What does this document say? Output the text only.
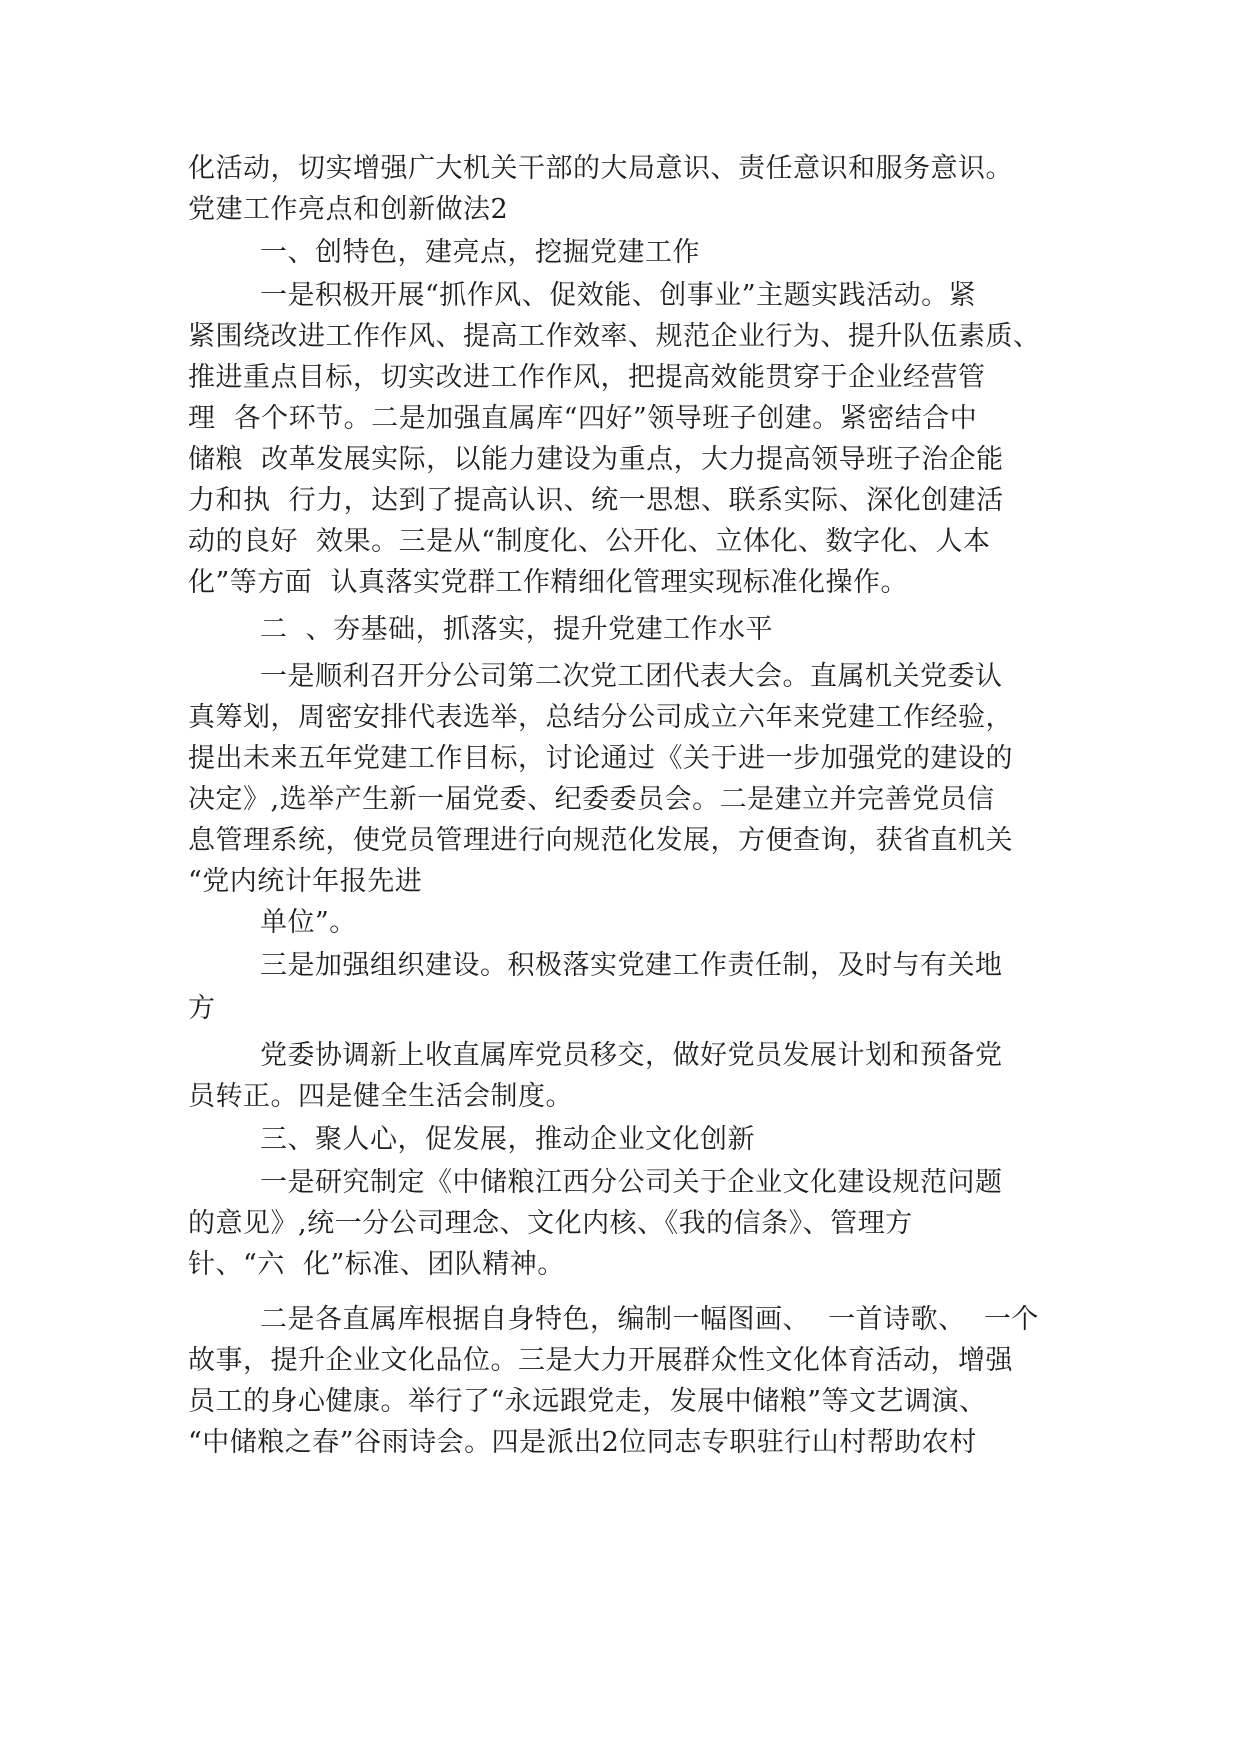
化活动，切实增强广大机关干部的大局意识、责任意识和服务意识。
党建工作亮点和创新做法2
一、创特色，建亮点，挖掘党建工作
一是积极开展“抓作风、促效能、创事业”主题实践活动。紧
紧围绕改进工作作风、提高工作效率、规范企业行为、提升队伍素质、
推进重点目标，切实改进工作作风，把提高效能贯穿于企业经营管
理  各个环节。二是加强直属库“四好”领导班子创建。紧密结合中
储粮  改革发展实际，以能力建设为重点，大力提高领导班子治企能
力和执  行力，达到了提高认识、统一思想、联系实际、深化创建活
动的良好  效果。三是从“制度化、公开化、立体化、数字化、人本
化”等方面  认真落实党群工作精细化管理实现标准化操作。
二  、夯基础，抓落实，提升党建工作水平
一是顺利召开分公司第二次党工团代表大会。直属机关党委认
真筹划，周密安排代表选举，总结分公司成立六年来党建工作经验，
提出未来五年党建工作目标，讨论通过《关于进一步加强党的建设的
决定》,选举产生新一届党委、纪委委员会。二是建立并完善党员信
息管理系统，使党员管理进行向规范化发展，方便查询，获省直机关
“党内统计年报先进
单位”。
三是加强组织建设。积极落实党建工作责任制，及时与有关地
方
党委协调新上收直属库党员移交，做好党员发展计划和预备党
员转正。四是健全生活会制度。
三、聚人心，促发展，推动企业文化创新
一是研究制定《中储粮江西分公司关于企业文化建设规范问题
的意见》,统一分公司理念、文化内核、《我的信条》、管理方
针、“六  化”标准、团队精神。
二是各直属库根据自身特色，编制一幅图画、  一首诗歌、  一个
故事，提升企业文化品位。三是大力开展群众性文化体育活动，增强
员工的身心健康。举行了“永远跟党走，发展中储粮”等文艺调演、
“中储粮之春”谷雨诗会。四是派出2位同志专职驻行山村帮助农村
